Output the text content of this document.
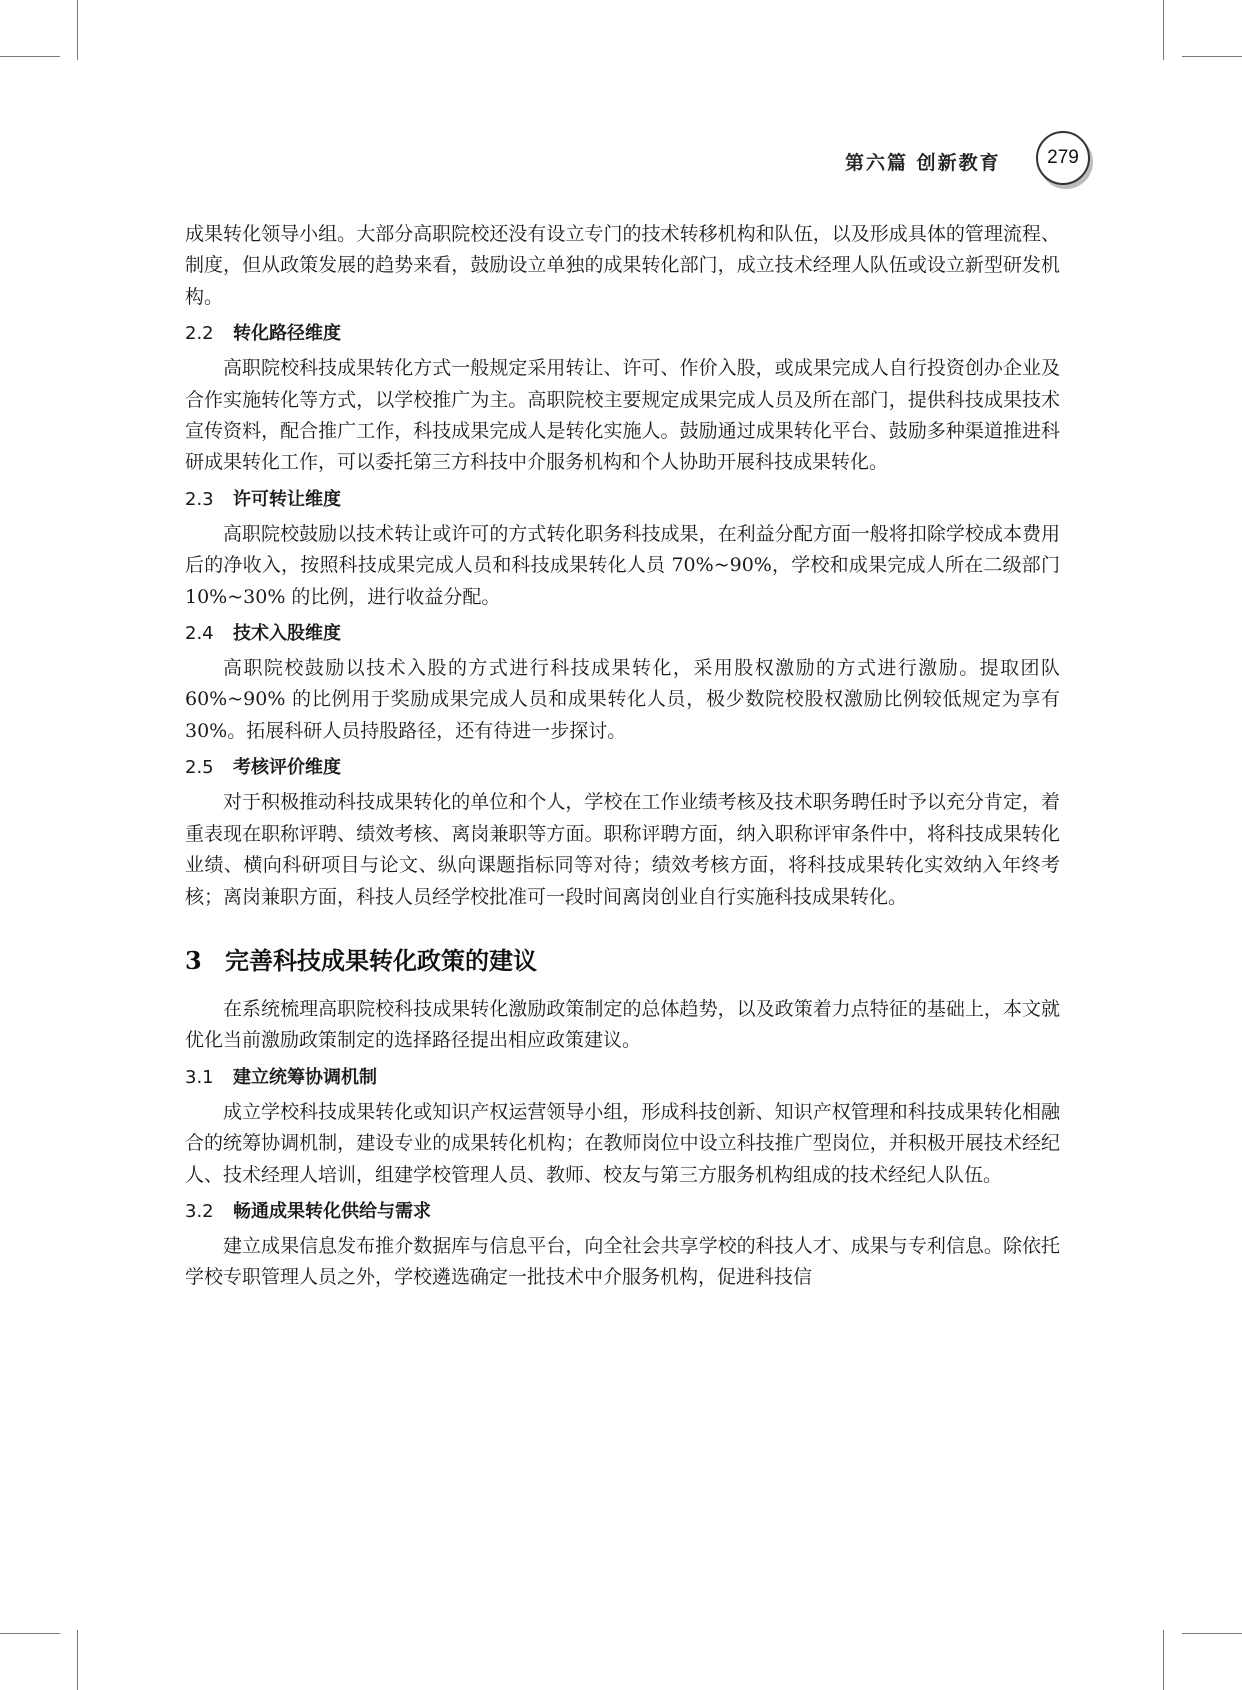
第六篇 创新教育	279

成果转化领导小组。大部分高职院校还没有设立专门的技术转移机构和队伍，以及形成具体的管理流程、制度，但从政策发展的趋势来看，鼓励设立单独的成果转化部门，成立技术经理人队伍或设立新型研发机构。

2.2 转化路径维度

高职院校科技成果转化方式一般规定采用转让、许可、作价入股，或成果完成人自行投资创办企业及合作实施转化等方式，以学校推广为主。高职院校主要规定成果完成人员及所在部门，提供科技成果技术宣传资料，配合推广工作，科技成果完成人是转化实施人。鼓励通过成果转化平台、鼓励多种渠道推进科研成果转化工作，可以委托第三方科技中介服务机构和个人协助开展科技成果转化。

2.3 许可转让维度

高职院校鼓励以技术转让或许可的方式转化职务科技成果，在利益分配方面一般将扣除学校成本费用后的净收入，按照科技成果完成人员和科技成果转化人员 70%~90%，学校和成果完成人所在二级部门 10%~30% 的比例，进行收益分配。

2.4 技术入股维度

高职院校鼓励以技术入股的方式进行科技成果转化，采用股权激励的方式进行激励。提取团队 60%~90% 的比例用于奖励成果完成人员和成果转化人员，极少数院校股权激励比例较低规定为享有 30%。拓展科研人员持股路径，还有待进一步探讨。

2.5 考核评价维度

对于积极推动科技成果转化的单位和个人，学校在工作业绩考核及技术职务聘任时予以充分肯定，着重表现在职称评聘、绩效考核、离岗兼职等方面。职称评聘方面，纳入职称评审条件中，将科技成果转化业绩、横向科研项目与论文、纵向课题指标同等对待；绩效考核方面，将科技成果转化实效纳入年终考核；离岗兼职方面，科技人员经学校批准可一段时间离岗创业自行实施科技成果转化。

3 完善科技成果转化政策的建议

在系统梳理高职院校科技成果转化激励政策制定的总体趋势，以及政策着力点特征的基础上，本文就优化当前激励政策制定的选择路径提出相应政策建议。

3.1 建立统筹协调机制

成立学校科技成果转化或知识产权运营领导小组，形成科技创新、知识产权管理和科技成果转化相融合的统筹协调机制，建设专业的成果转化机构；在教师岗位中设立科技推广型岗位，并积极开展技术经纪人、技术经理人培训，组建学校管理人员、教师、校友与第三方服务机构组成的技术经纪人队伍。

3.2 畅通成果转化供给与需求

建立成果信息发布推介数据库与信息平台，向全社会共享学校的科技人才、成果与专利信息。除依托学校专职管理人员之外，学校遴选确定一批技术中介服务机构，促进科技信
